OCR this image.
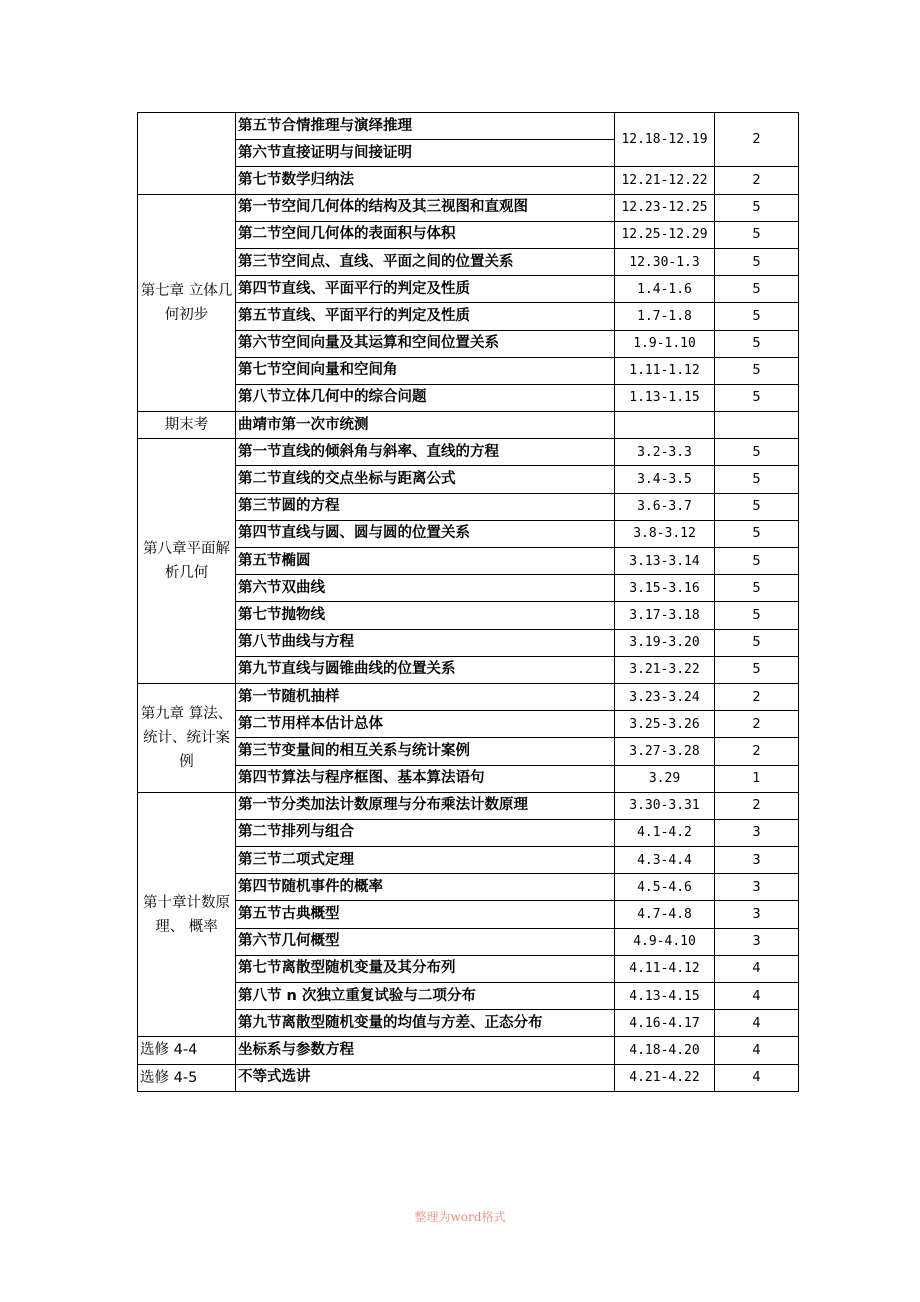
	第五节合情推理与演绎推理	12.18-12.19	2
	第六节直接证明与间接证明		
	第七节数学归纳法	12.21-12.22	2
第七章 立体几何初步	第一节空间几何体的结构及其三视图和直观图	12.23-12.25	5
	第二节空间几何体的表面积与体积	12.25-12.29	5
	第三节空间点、直线、平面之间的位置关系	12.30-1.3	5
	第四节直线、平面平行的判定及性质	1.4-1.6	5
	第五节直线、平面平行的判定及性质	1.7-1.8	5
	第六节空间向量及其运算和空间位置关系	1.9-1.10	5
	第七节空间向量和空间角	1.11-1.12	5
	第八节立体几何中的综合问题	1.13-1.15	5
期末考	曲靖市第一次市统测		
第八章平面解析几何	第一节直线的倾斜角与斜率、直线的方程	3.2-3.3	5
	第二节直线的交点坐标与距离公式	3.4-3.5	5
	第三节圆的方程	3.6-3.7	5
	第四节直线与圆、圆与圆的位置关系	3.8-3.12	5
	第五节椭圆	3.13-3.14	5
	第六节双曲线	3.15-3.16	5
	第七节抛物线	3.17-3.18	5
	第八节曲线与方程	3.19-3.20	5
	第九节直线与圆锥曲线的位置关系	3.21-3.22	5
第九章 算法、统计、统计案例	第一节随机抽样	3.23-3.24	2
	第二节用样本估计总体	3.25-3.26	2
	第三节变量间的相互关系与统计案例	3.27-3.28	2
	第四节算法与程序框图、基本算法语句	3.29	1
第十章计数原理、 概率	第一节分类加法计数原理与分布乘法计数原理	3.30-3.31	2
	第二节排列与组合	4.1-4.2	3
	第三节二项式定理	4.3-4.4	3
	第四节随机事件的概率	4.5-4.6	3
	第五节古典概型	4.7-4.8	3
	第六节几何概型	4.9-4.10	3
	第七节离散型随机变量及其分布列	4.11-4.12	4
	第八节 n 次独立重复试验与二项分布	4.13-4.15	4
	第九节离散型随机变量的均值与方差、正态分布	4.16-4.17	4
选修 4-4	坐标系与参数方程	4.18-4.20	4
选修 4-5	不等式选讲	4.21-4.22	4
整理为word格式
